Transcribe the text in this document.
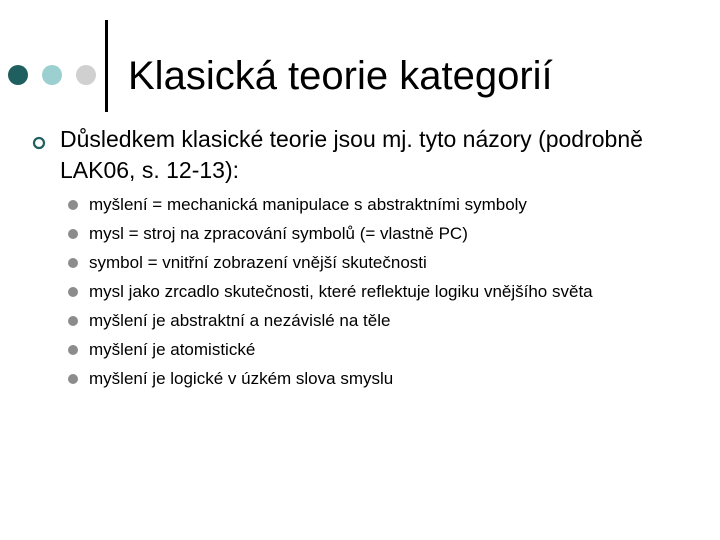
Klasická teorie kategorií
Důsledkem klasické teorie jsou mj. tyto názory (podrobně LAK06, s. 12-13):
myšlení = mechanická manipulace s abstraktními symboly
mysl = stroj na zpracování symbolů (= vlastně PC)
symbol = vnitřní zobrazení vnější skutečnosti
mysl jako zrcadlo skutečnosti, které reflektuje logiku vnějšího světa
myšlení je abstraktní a nezávislé na těle
myšlení je atomistické
myšlení je logické v úzkém slova smyslu
